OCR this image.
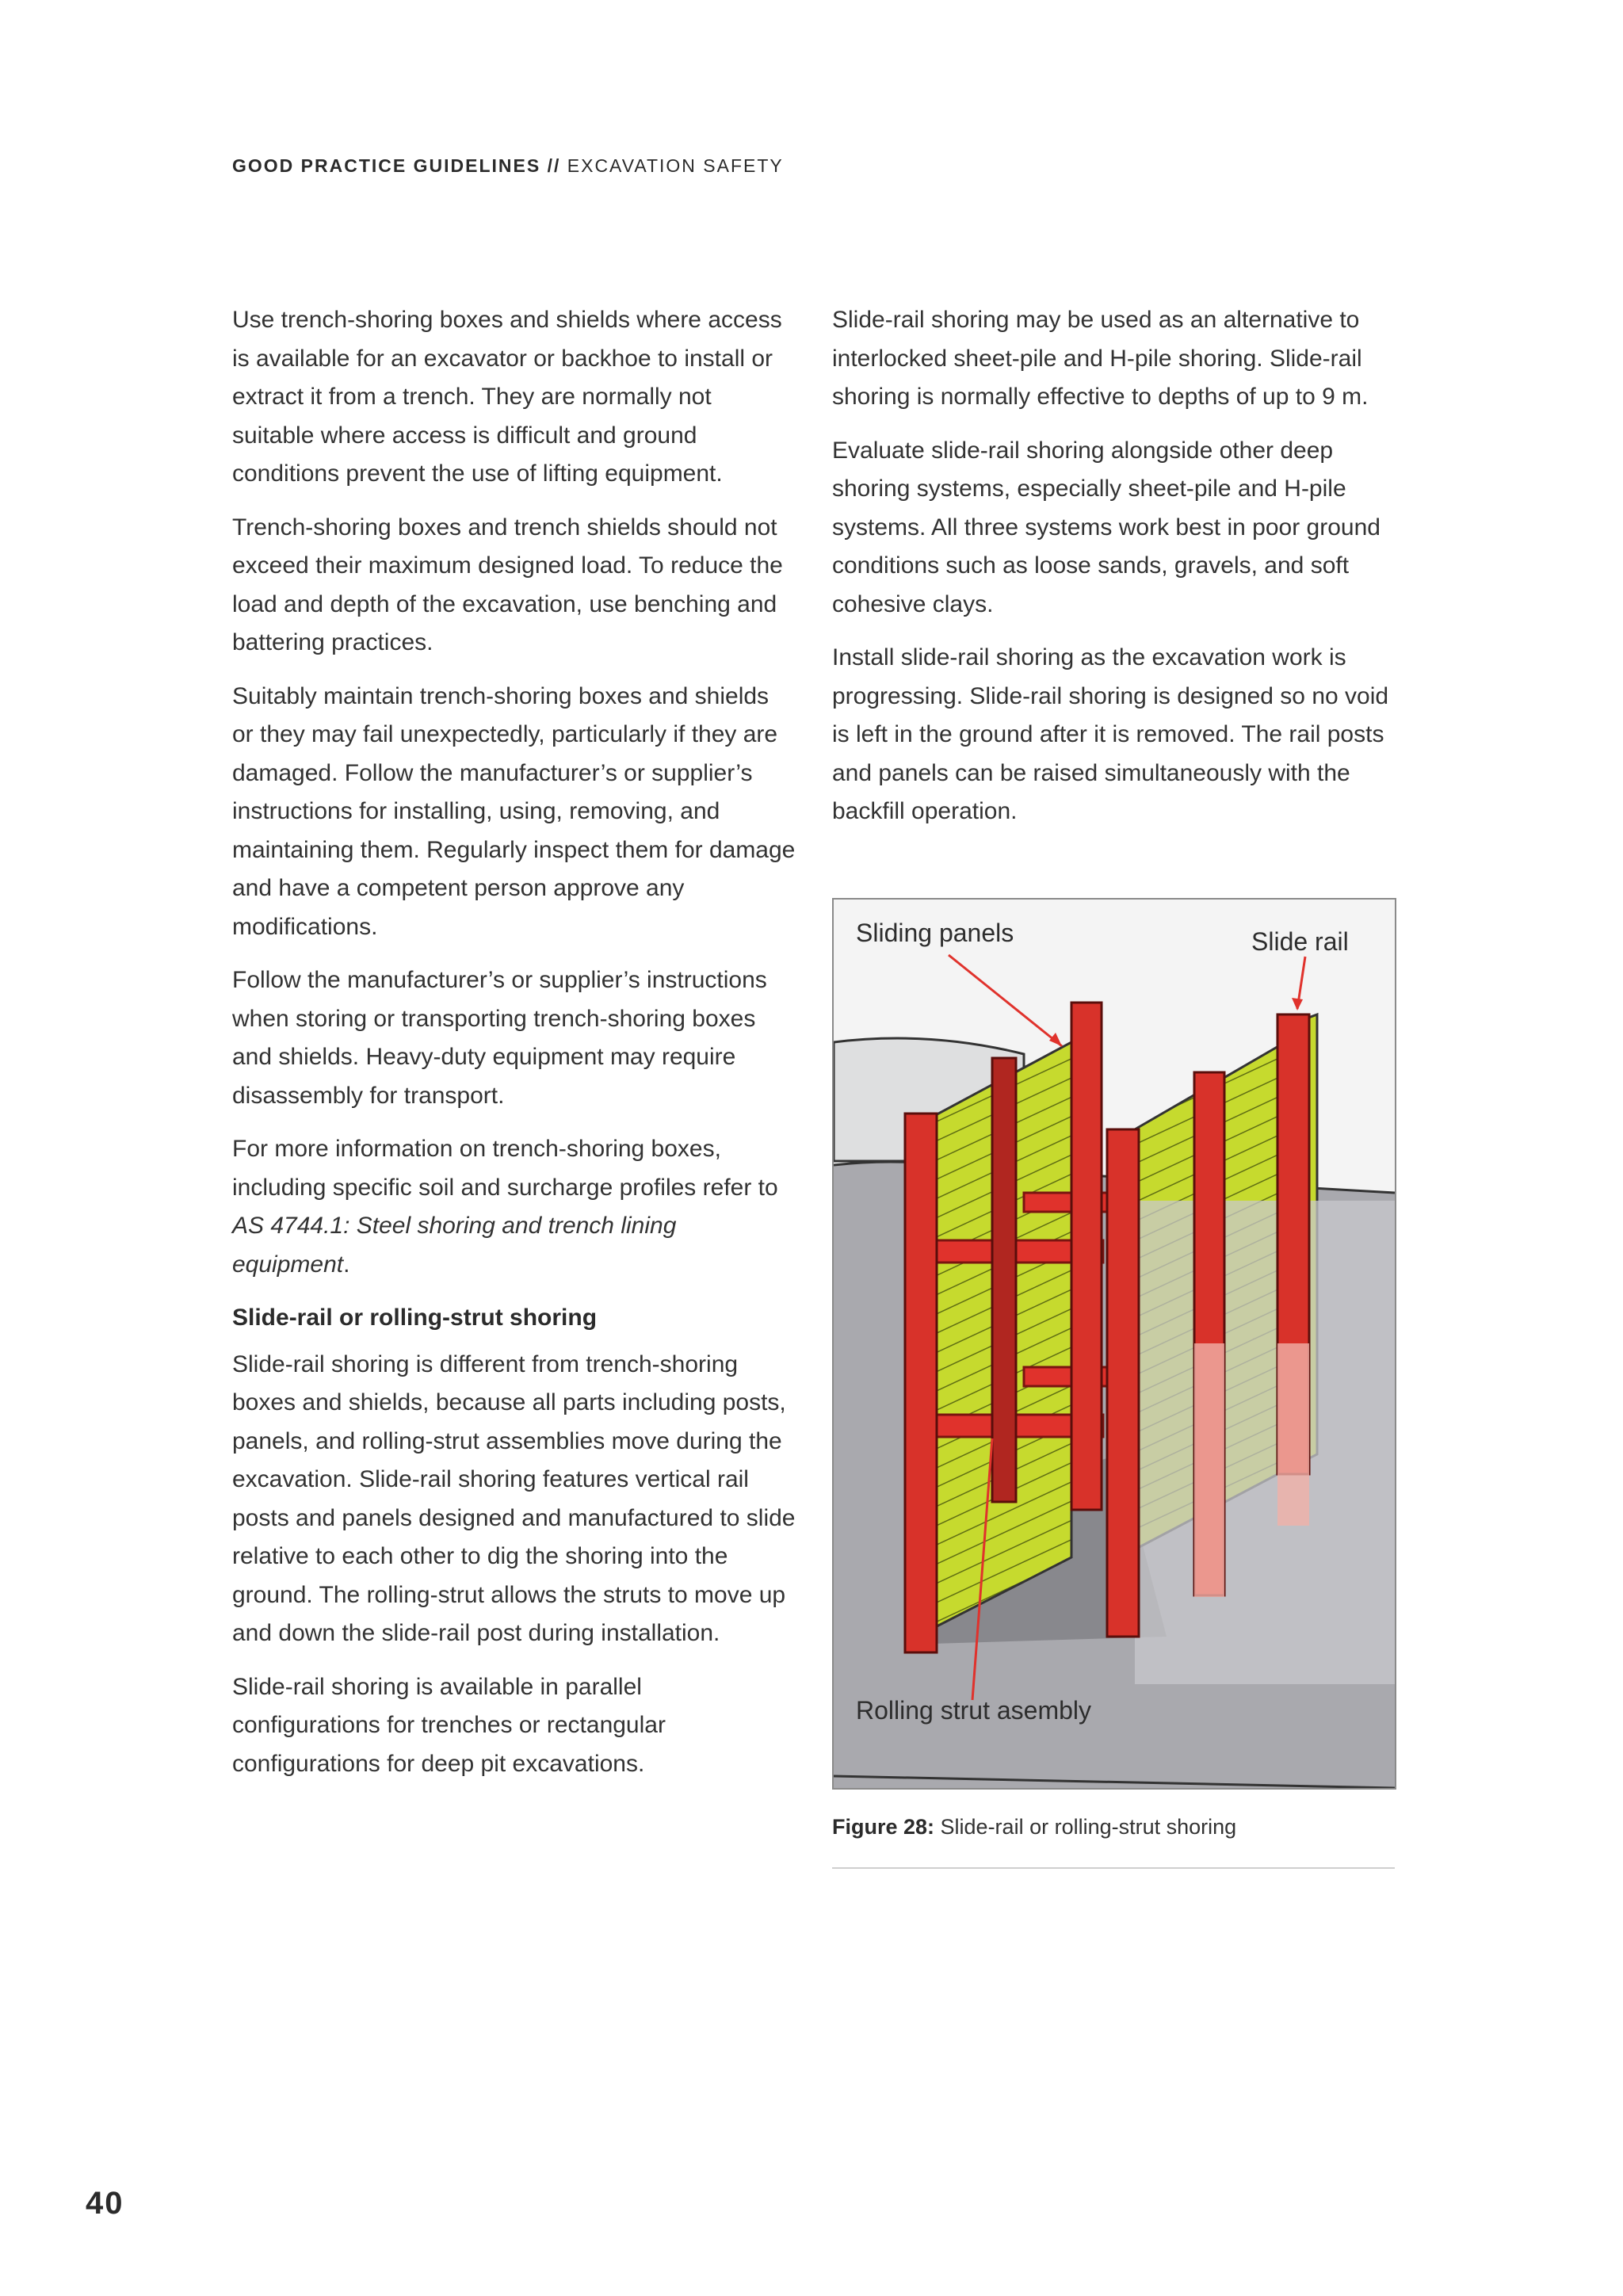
GOOD PRACTICE GUIDELINES // EXCAVATION SAFETY

Use trench-shoring boxes and shields where access is available for an excavator or backhoe to install or extract it from a trench. They are normally not suitable where access is difficult and ground conditions prevent the use of lifting equipment.

Trench-shoring boxes and trench shields should not exceed their maximum designed load. To reduce the load and depth of the excavation, use benching and battering practices.

Suitably maintain trench-shoring boxes and shields or they may fail unexpectedly, particularly if they are damaged. Follow the manufacturer’s or supplier’s instructions for installing, using, removing, and maintaining them. Regularly inspect them for damage and have a competent person approve any modifications.

Follow the manufacturer’s or supplier’s instructions when storing or transporting trench-shoring boxes and shields. Heavy-duty equipment may require disassembly for transport.

For more information on trench-shoring boxes, including specific soil and surcharge profiles refer to AS 4744.1: Steel shoring and trench lining equipment.

Slide-rail or rolling-strut shoring

Slide-rail shoring is different from trench-shoring boxes and shields, because all parts including posts, panels, and rolling-strut assemblies move during the excavation. Slide-rail shoring features vertical rail posts and panels designed and manufactured to slide relative to each other to dig the shoring into the ground. The rolling-strut allows the struts to move up and down the slide-rail post during installation.

Slide-rail shoring is available in parallel configurations for trenches or rectangular configurations for deep pit excavations.

Slide-rail shoring may be used as an alternative to interlocked sheet-pile and H-pile shoring. Slide-rail shoring is normally effective to depths of up to 9 m.

Evaluate slide-rail shoring alongside other deep shoring systems, especially sheet-pile and H-pile systems. All three systems work best in poor ground conditions such as loose sands, gravels, and soft cohesive clays.

Install slide-rail shoring as the excavation work is progressing. Slide-rail shoring is designed so no void is left in the ground after it is removed. The rail posts and panels can be raised simultaneously with the backfill operation.

Sliding panels	Slide rail
Rolling strut asembly
Figure 28: Slide-rail or rolling-strut shoring
40
